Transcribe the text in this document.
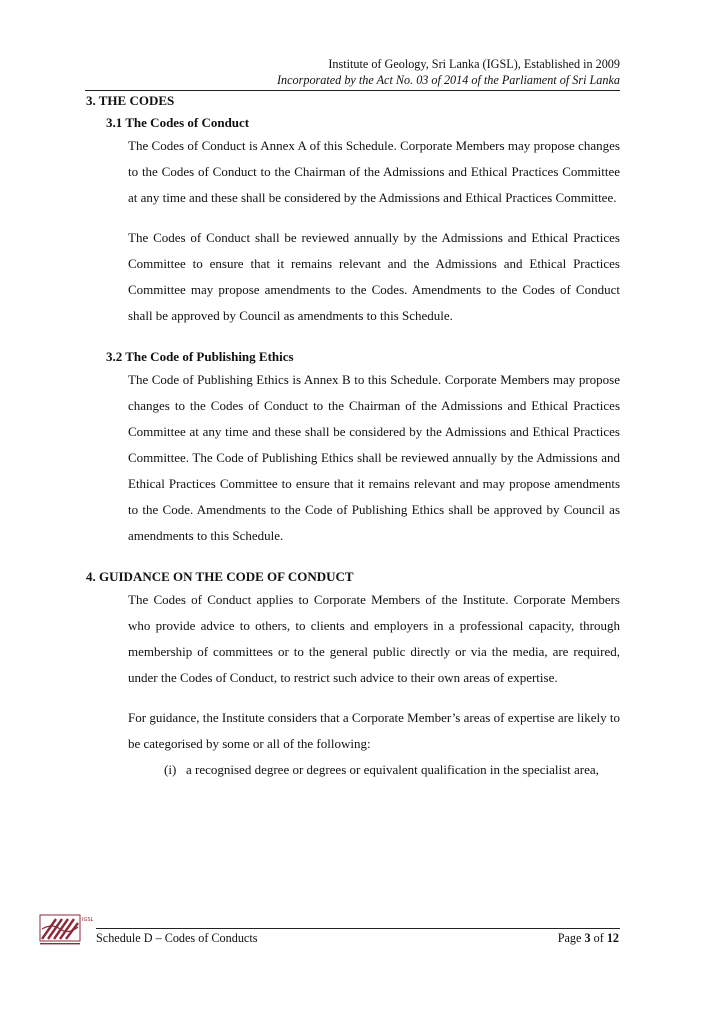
Institute of Geology, Sri Lanka (IGSL), Established in 2009
Incorporated by the Act No. 03 of 2014 of the Parliament of Sri Lanka
3. THE CODES
3.1 The Codes of Conduct
The Codes of Conduct is Annex A of this Schedule. Corporate Members may propose changes to the Codes of Conduct to the Chairman of the Admissions and Ethical Practices Committee at any time and these shall be considered by the Admissions and Ethical Practices Committee.
The Codes of Conduct shall be reviewed annually by the Admissions and Ethical Practices Committee to ensure that it remains relevant and the Admissions and Ethical Practices Committee may propose amendments to the Codes. Amendments to the Codes of Conduct shall be approved by Council as amendments to this Schedule.
3.2 The Code of Publishing Ethics
The Code of Publishing Ethics is Annex B to this Schedule. Corporate Members may propose changes to the Codes of Conduct to the Chairman of the Admissions and Ethical Practices Committee at any time and these shall be considered by the Admissions and Ethical Practices Committee. The Code of Publishing Ethics shall be reviewed annually by the Admissions and Ethical Practices Committee to ensure that it remains relevant and may propose amendments to the Code. Amendments to the Code of Publishing Ethics shall be approved by Council as amendments to this Schedule.
4. GUIDANCE ON THE CODE OF CONDUCT
The Codes of Conduct applies to Corporate Members of the Institute. Corporate Members who provide advice to others, to clients and employers in a professional capacity, through membership of committees or to the general public directly or via the media, are required, under the Codes of Conduct, to restrict such advice to their own areas of expertise.
For guidance, the Institute considers that a Corporate Member’s areas of expertise are likely to be categorised by some or all of the following:
(i) a recognised degree or degrees or equivalent qualification in the specialist area,
IGSL
Schedule D – Codes of Conducts	Page 3 of 12
